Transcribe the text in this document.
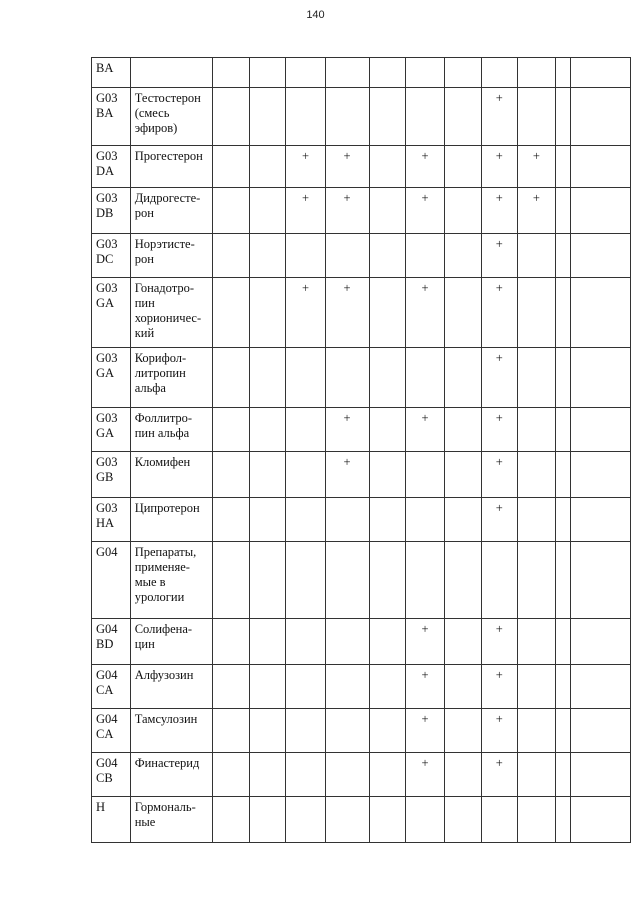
140
BA												
G03 BA	Тестостерон (смесь эфиров)								+			
G03 DA	Прогестерон			+	+		+		+	+		
G03 DB	Дидрогесте-рон			+	+		+		+	+		
G03 DC	Норэтисте-рон								+			
G03 GA	Гонадотро-пин хорионичес-кий			+	+		+		+			
G03 GA	Корифол-литропин альфа								+			
G03 GA	Фоллитро-пин альфа				+		+		+			
G03 GB	Кломифен				+				+			
G03 HA	Ципротерон								+			
G04	Препараты, применяе-мые в урологии											
G04 BD	Солифена-цин						+		+			
G04 CA	Алфузозин						+		+			
G04 CA	Тамсулозин						+		+			
G04 CB	Финастерид						+		+			
H	Гормональ-ные											
